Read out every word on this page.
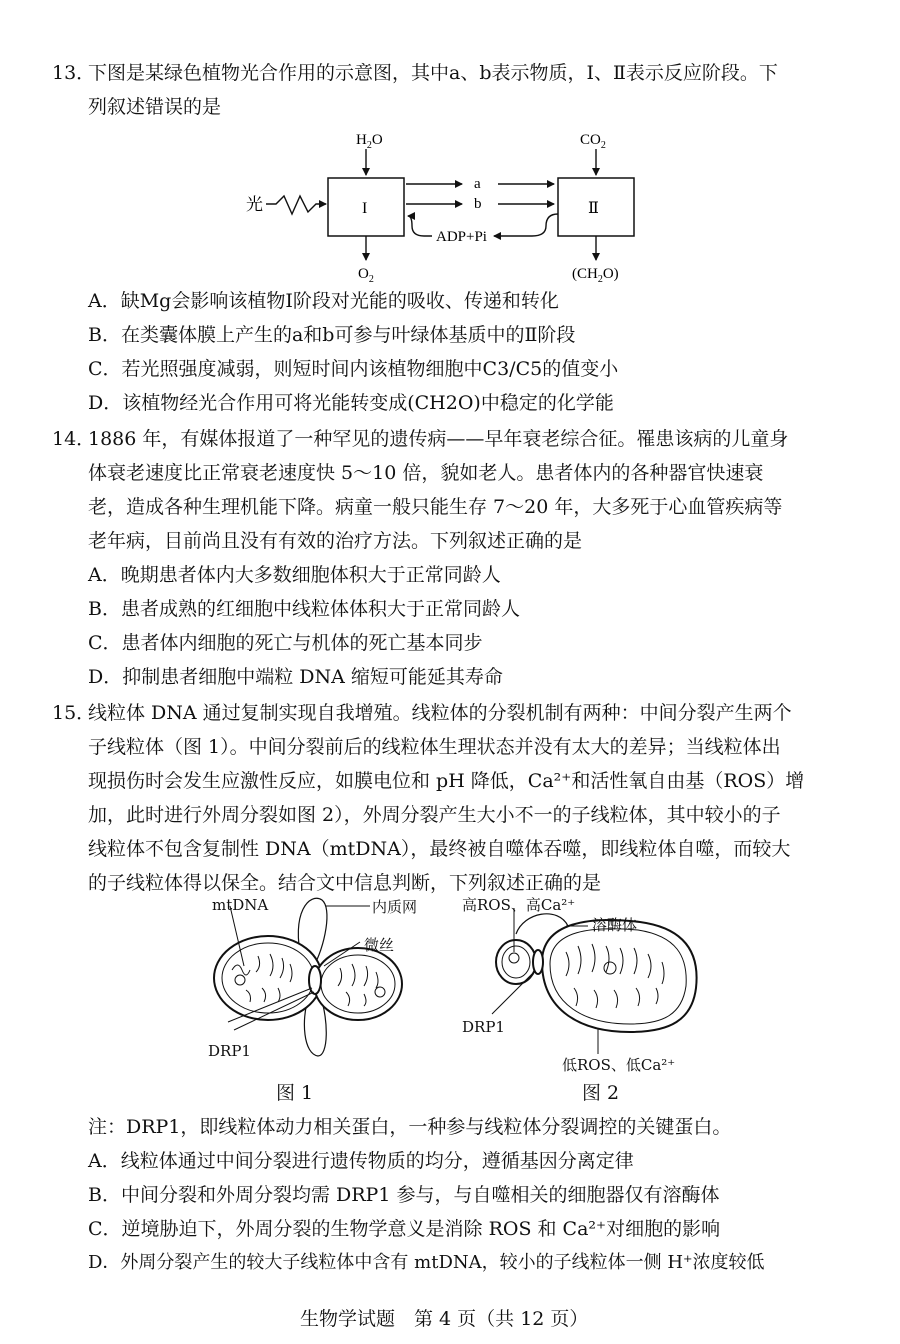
13．
下图是某绿色植物光合作用的示意图，其中a、b表示物质，Ⅰ、Ⅱ表示反应阶段。下
列叙述错误的是
光	I
$H_2O$
$O_2$
Ⅱ
$CO_2$
$(CH_2O)$
a
b
ADP+Pi
A．缺Mg会影响该植物Ⅰ阶段对光能的吸收、传递和转化
B．在类囊体膜上产生的a和b可参与叶绿体基质中的Ⅱ阶段
C．若光照强度减弱，则短时间内该植物细胞中C3/C5的值变小
D．该植物经光合作用可将光能转变成(CH2O)中稳定的化学能
14．
1886 年，有媒体报道了一种罕见的遗传病——早年衰老综合征。罹患该病的儿童身
体衰老速度比正常衰老速度快 5～10 倍，貌如老人。患者体内的各种器官快速衰
老，造成各种生理机能下降。病童一般只能生存 7～20 年，大多死于心血管疾病等
老年病，目前尚且没有有效的治疗方法。下列叙述正确的是
A．晚期患者体内大多数细胞体积大于正常同龄人
B．患者成熟的红细胞中线粒体体积大于正常同龄人
C．患者体内细胞的死亡与机体的死亡基本同步
D．抑制患者细胞中端粒 DNA 缩短可能延其寿命
15．
线粒体 DNA 通过复制实现自我增殖。线粒体的分裂机制有两种：中间分裂产生两个
子线粒体（图 1）。中间分裂前后的线粒体生理状态并没有太大的差异；当线粒体出
现损伤时会发生应激性反应，如膜电位和 pH 降低，Ca²⁺和活性氧自由基（ROS）增
加，此时进行外周分裂如图 2），外周分裂产生大小不一的子线粒体，其中较小的子
线粒体不包含复制性 DNA（mtDNA），最终被自噬体吞噬，即线粒体自噬，而较大
的子线粒体得以保全。结合文中信息判断，下列叙述正确的是
mtDNA	内质网
微丝
DRP1
图 1
高ROS、高Ca²⁺
溶酶体
DRP1
低ROS、低Ca²⁺
图 2
注：DRP1，即线粒体动力相关蛋白，一种参与线粒体分裂调控的关键蛋白。
A．线粒体通过中间分裂进行遗传物质的均分，遵循基因分离定律
B．中间分裂和外周分裂均需 DRP1 参与，与自噬相关的细胞器仅有溶酶体
C．逆境胁迫下，外周分裂的生物学意义是消除 ROS 和 Ca²⁺对细胞的影响
D．外周分裂产生的较大子线粒体中含有 mtDNA，较小的子线粒体一侧 H⁺浓度较低
生物学试题　第 4 页（共 12 页）
